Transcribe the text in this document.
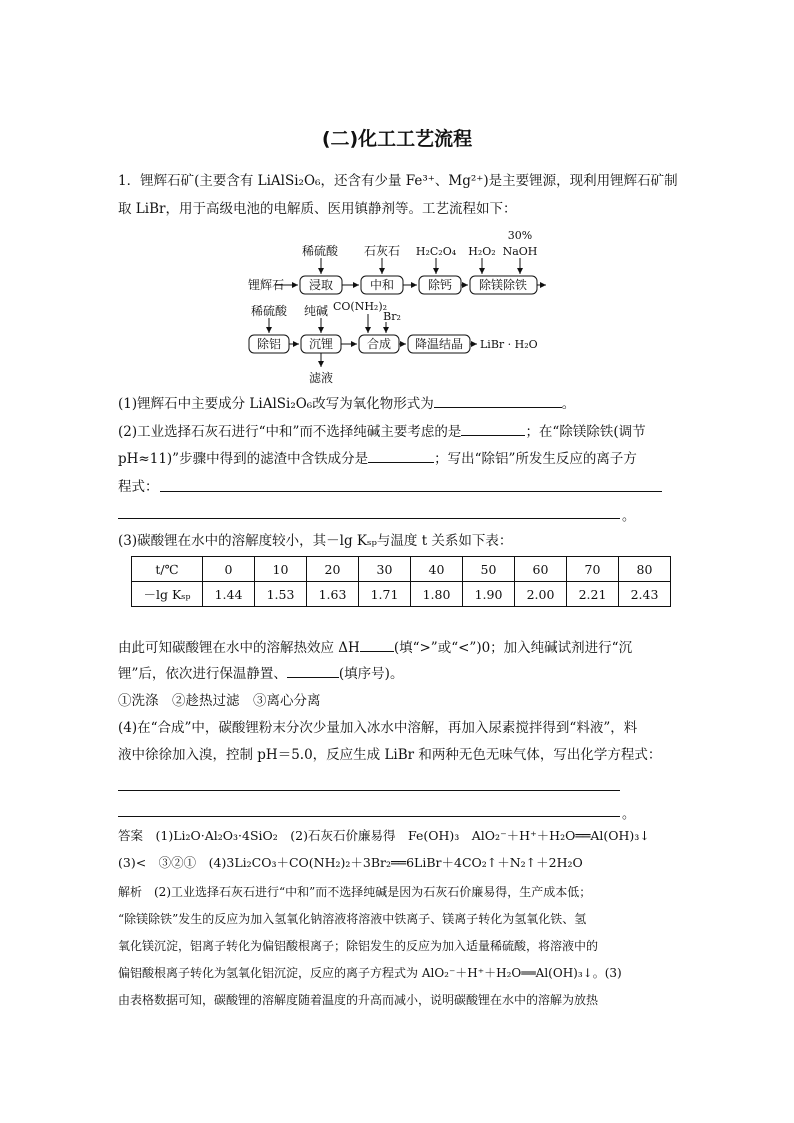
(二)化工工艺流程
1．锂辉石矿(主要含有 LiAlSi₂O₆，还含有少量 Fe³⁺、Mg²⁺)是主要锂源，现利用锂辉石矿制
取 LiBr，用于高级电池的电解质、医用镇静剂等。工艺流程如下：
锂辉石 浸取	中和	除钙 除镁除铁
稀硫酸 石灰石 H₂C₂O₄ H₂O₂ NaOH
30%
除铝 沉锂	合成 降温结晶
稀硫酸 纯碱 CO(NH₂)₂
Br₂
滤液
LiBr · H₂O
(1)锂辉石中主要成分 LiAlSi₂O₆改写为氧化物形式为	。
(2)工业选择石灰石进行“中和”而不选择纯碱主要考虑的是	；在“除镁除铁(调节
pH≈11)”步骤中得到的滤渣中含铁成分是	；写出“除铝”所发生反应的离子方
程式：
。
(3)碳酸锂在水中的溶解度较小，其－lg Kₛₚ与温度 t 关系如下表：
t/℃	0	10	20	30	40	50	60	70	80
－lg Kₛₚ	1.44	1.53	1.63	1.71	1.80	1.90	2.00	2.21	2.43
由此可知碳酸锂在水中的溶解热效应 ΔH	(填“>”或“<”)0；加入纯碱试剂进行“沉
锂”后，依次进行保温静置、	(填序号)。
①洗涤　②趁热过滤　③离心分离
(4)在“合成”中，碳酸锂粉末分次少量加入冰水中溶解，再加入尿素搅拌得到“料液”，料
液中徐徐加入溴，控制 pH＝5.0，反应生成 LiBr 和两种无色无味气体，写出化学方程式：
。
答案　(1)Li₂O·Al₂O₃·4SiO₂　(2)石灰石价廉易得　Fe(OH)₃　AlO₂⁻＋H⁺＋H₂O══Al(OH)₃↓
(3)<　③②①　(4)3Li₂CO₃＋CO(NH₂)₂＋3Br₂══6LiBr＋4CO₂↑＋N₂↑＋2H₂O
解析　(2)工业选择石灰石进行“中和”而不选择纯碱是因为石灰石价廉易得，生产成本低；
“除镁除铁”发生的反应为加入氢氧化钠溶液将溶液中铁离子、镁离子转化为氢氧化铁、氢
氧化镁沉淀，铝离子转化为偏铝酸根离子；除铝发生的反应为加入适量稀硫酸，将溶液中的
偏铝酸根离子转化为氢氧化铝沉淀，反应的离子方程式为 AlO₂⁻＋H⁺＋H₂O══Al(OH)₃↓。(3)
由表格数据可知，碳酸锂的溶解度随着温度的升高而减小，说明碳酸锂在水中的溶解为放热
